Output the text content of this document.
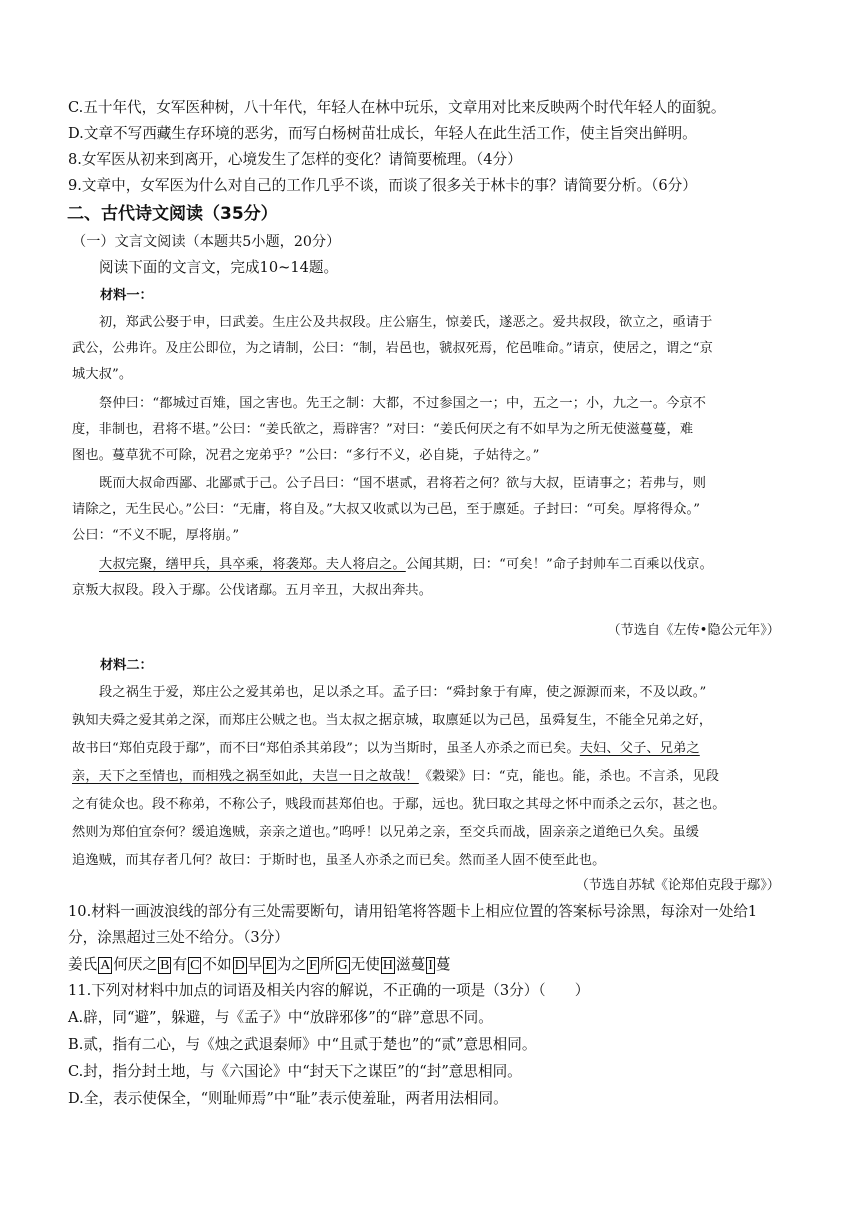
C.五十年代，女军医种树，八十年代，年轻人在林中玩乐，文章用对比来反映两个时代年轻人的面貌。
D.文章不写西藏生存环境的恶劣，而写白杨树苗壮成长，年轻人在此生活工作，使主旨突出鲜明。
8.女军医从初来到离开，心境发生了怎样的变化？请简要梳理。（4分）
9.文章中，女军医为什么对自己的工作几乎不谈，而谈了很多关于林卡的事？请简要分析。（6分）
二、古代诗文阅读（35分）
（一）文言文阅读（本题共5小题，20分）
阅读下面的文言文，完成10~14题。
材料一：
初，郑武公娶于申，曰武姜。生庄公及共叔段。庄公寤生，惊姜氏，遂恶之。爱共叔段，欲立之，亟请于
武公，公弗许。及庄公即位，为之请制，公曰：“制，岩邑也，虢叔死焉，佗邑唯命。”请京，使居之，谓之“京
城大叔”。
祭仲曰：“都城过百雉，国之害也。先王之制：大都，不过参国之一；中，五之一；小，九之一。今京不
度，非制也，君将不堪。”公曰：“姜氏欲之，焉辟害？”对曰：“姜氏何厌之有不如早为之所无使滋蔓蔓，难
图也。蔓草犹不可除，况君之宠弟乎？”公曰：“多行不义，必自毙，子姑待之。”
既而大叔命西鄙、北鄙贰于己。公子吕曰：“国不堪贰，君将若之何？欲与大叔，臣请事之；若弗与，则
请除之，无生民心。”公曰：“无庸，将自及。”大叔又收贰以为己邑，至于廪延。子封曰：“可矣。厚将得众。”
公曰：“不义不昵，厚将崩。”
大叔完聚，缮甲兵，具卒乘，将袭郑。夫人将启之。公闻其期，曰：“可矣！”命子封帅车二百乘以伐京。
京叛大叔段。段入于鄢。公伐诸鄢。五月辛丑，大叔出奔共。
（节选自《左传•隐公元年》）
材料二：
段之祸生于爱，郑庄公之爱其弟也，足以杀之耳。孟子曰：“舜封象于有庳，使之源源而来，不及以政。”
孰知夫舜之爱其弟之深，而郑庄公贼之也。当太叔之据京城，取廪延以为己邑，虽舜复生，不能全兄弟之好，
故书曰“郑伯克段于鄢”，而不曰“郑伯杀其弟段”；以为当斯时，虽圣人亦杀之而已矣。夫妇、父子、兄弟之
亲，天下之至情也，而相残之祸至如此，夫岂一日之故哉！《穀梁》曰：“克，能也。能，杀也。不言杀，见段
之有徒众也。段不称弟，不称公子，贱段而甚郑伯也。于鄢，远也。犹曰取之其母之怀中而杀之云尔，甚之也。
然则为郑伯宜奈何？缓追逸贼，亲亲之道也。”呜呼！以兄弟之亲，至交兵而战，固亲亲之道绝已久矣。虽缓
追逸贼，而其存者几何？故曰：于斯时也，虽圣人亦杀之而已矣。然而圣人固不使至此也。
（节选自苏轼《论郑伯克段于鄢》）
10.材料一画波浪线的部分有三处需要断句，请用铅笔将答题卡上相应位置的答案标号涂黑，每涂对一处给1
分，涂黑超过三处不给分。（3分）
姜氏 A 何厌之 B 有 C 不如 D 早 E 为之 F 所 G 无使 H 滋蔓 I 蔓
11.下列对材料中加点的词语及相关内容的解说，不正确的一项是（3分）（　　）
A.辟，同“避”，躲避，与《孟子》中“放辟邪侈”的“辟”意思不同。
B.贰，指有二心，与《烛之武退秦师》中“且贰于楚也”的“贰”意思相同。
C.封，指分封土地，与《六国论》中“封天下之谋臣”的“封”意思相同。
D.全，表示使保全，“则耻师焉”中“耻”表示使羞耻，两者用法相同。
